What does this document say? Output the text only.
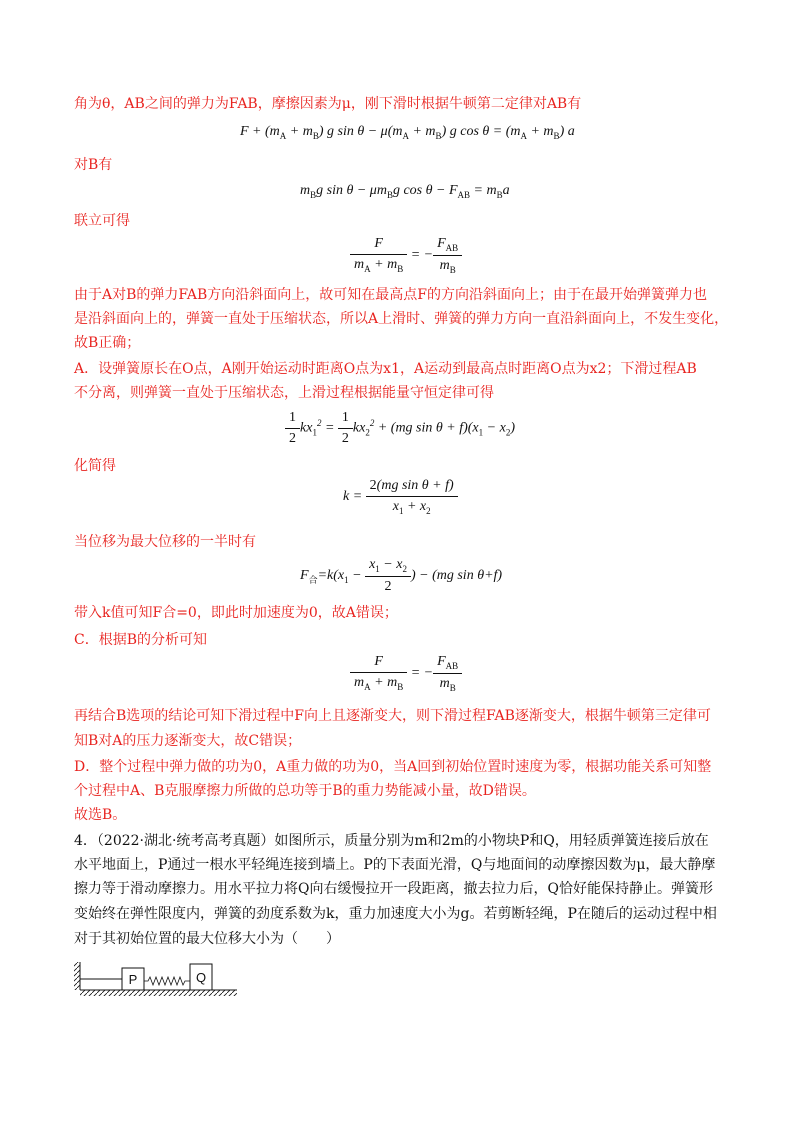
角为θ，AB之间的弹力为FAB，摩擦因素为μ，刚下滑时根据牛顿第二定律对AB有
$F + (m_A + m_B)$ g $\sin \theta - \mu(m_A + m_B)$ g $\cos \theta = (m_A + m_B)$ a
对B有
$m_Bg$ $\sin \theta - \mu m_Bg$ $\cos \theta - F_{AB} = m_Ba$
联立可得
$\frac{F}{m_A + m_B}$ = − $\frac{F_{AB}}{m_B}$
由于A对B的弹力FAB方向沿斜面向上，故可知在最高点F的方向沿斜面向上；由于在最开始弹簧弹力也
是沿斜面向上的，弹簧一直处于压缩状态，所以A上滑时、弹簧的弹力方向一直沿斜面向上，不发生变化，
故B正确；
A．设弹簧原长在O点，A刚开始运动时距离O点为x1，A运动到最高点时距离O点为x2；下滑过程AB
不分离，则弹簧一直处于压缩状态，上滑过程根据能量守恒定律可得
$\frac{1}{2} kx_1^2 = \frac{1}{2} kx_2^2 + (mg$ $\sin \theta + f)(x_1 - x_2)$
化简得
$k = \frac{\text{2(mg sin θ + f)}}{x_1 + x_2}$
当位移为最大位移的一半时有
$F_合=k(x_1 - \frac{x_1 - x_2}{2}$ ) − (mg sin θ+f)
带入k值可知F合=0，即此时加速度为0，故A错误；
C．根据B的分析可知
$\frac{F}{m_A + m_B}$ = − $\frac{F_{AB}}{m_B}$
再结合B选项的结论可知下滑过程中F向上且逐渐变大，则下滑过程FAB逐渐变大，根据牛顿第三定律可
知B对A的压力逐渐变大，故C错误；
D．整个过程中弹力做的功为0，A重力做的功为0，当A回到初始位置时速度为零，根据功能关系可知整
个过程中A、B克服摩擦力所做的总功等于B的重力势能减小量，故D错误。
故选B。
4．（2022·湖北·统考高考真题）如图所示，质量分别为m和2m的小物块P和Q，用轻质弹簧连接后放在
水平地面上，P通过一根水平轻绳连接到墙上。P的下表面光滑，Q与地面间的动摩擦因数为μ，最大静摩
擦力等于滑动摩擦力。用水平拉力将Q向右缓慢拉开一段距离，撤去拉力后，Q恰好能保持静止。弹簧形
变始终在弹性限度内，弹簧的劲度系数为k，重力加速度大小为g。若剪断轻绳，P在随后的运动过程中相
对于其初始位置的最大位移大小为（　　）
P	Q
